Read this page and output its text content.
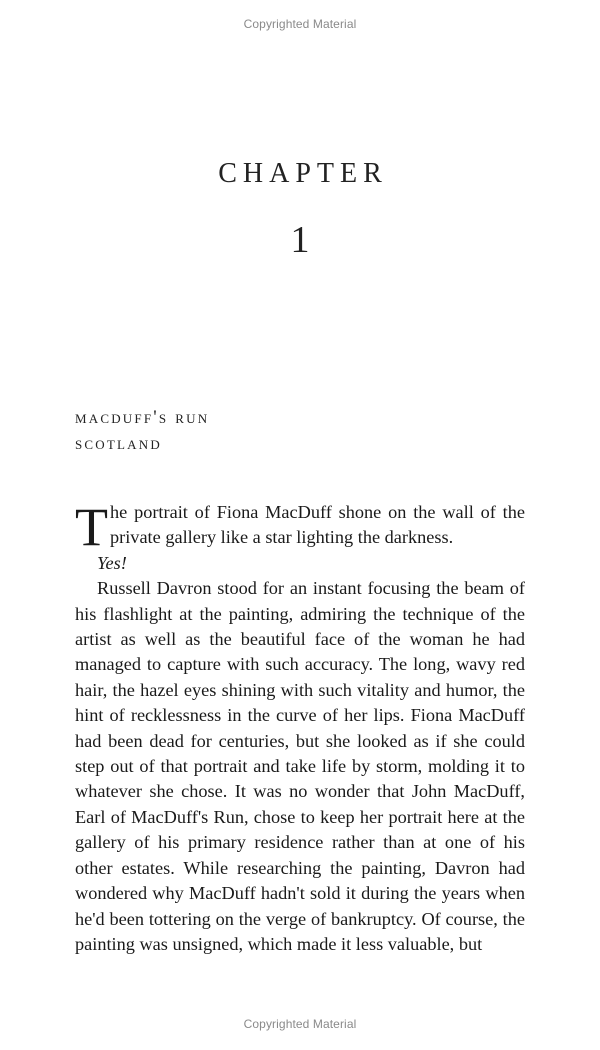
Copyrighted Material
CHAPTER
1
macduff's run
scotland

The portrait of Fiona MacDuff shone on the wall of the private gallery like a star lighting the darkness.

Yes!

Russell Davron stood for an instant focusing the beam of his flashlight at the painting, admiring the technique of the artist as well as the beautiful face of the woman he had managed to capture with such accuracy. The long, wavy red hair, the hazel eyes shining with such vitality and humor, the hint of recklessness in the curve of her lips. Fiona MacDuff had been dead for centuries, but she looked as if she could step out of that portrait and take life by storm, molding it to whatever she chose. It was no wonder that John MacDuff, Earl of MacDuff's Run, chose to keep her portrait here at the gallery of his primary residence rather than at one of his other estates. While researching the painting, Davron had wondered why MacDuff hadn't sold it during the years when he'd been tottering on the verge of bankruptcy. Of course, the painting was unsigned, which made it less valuable, but

Copyrighted Material
